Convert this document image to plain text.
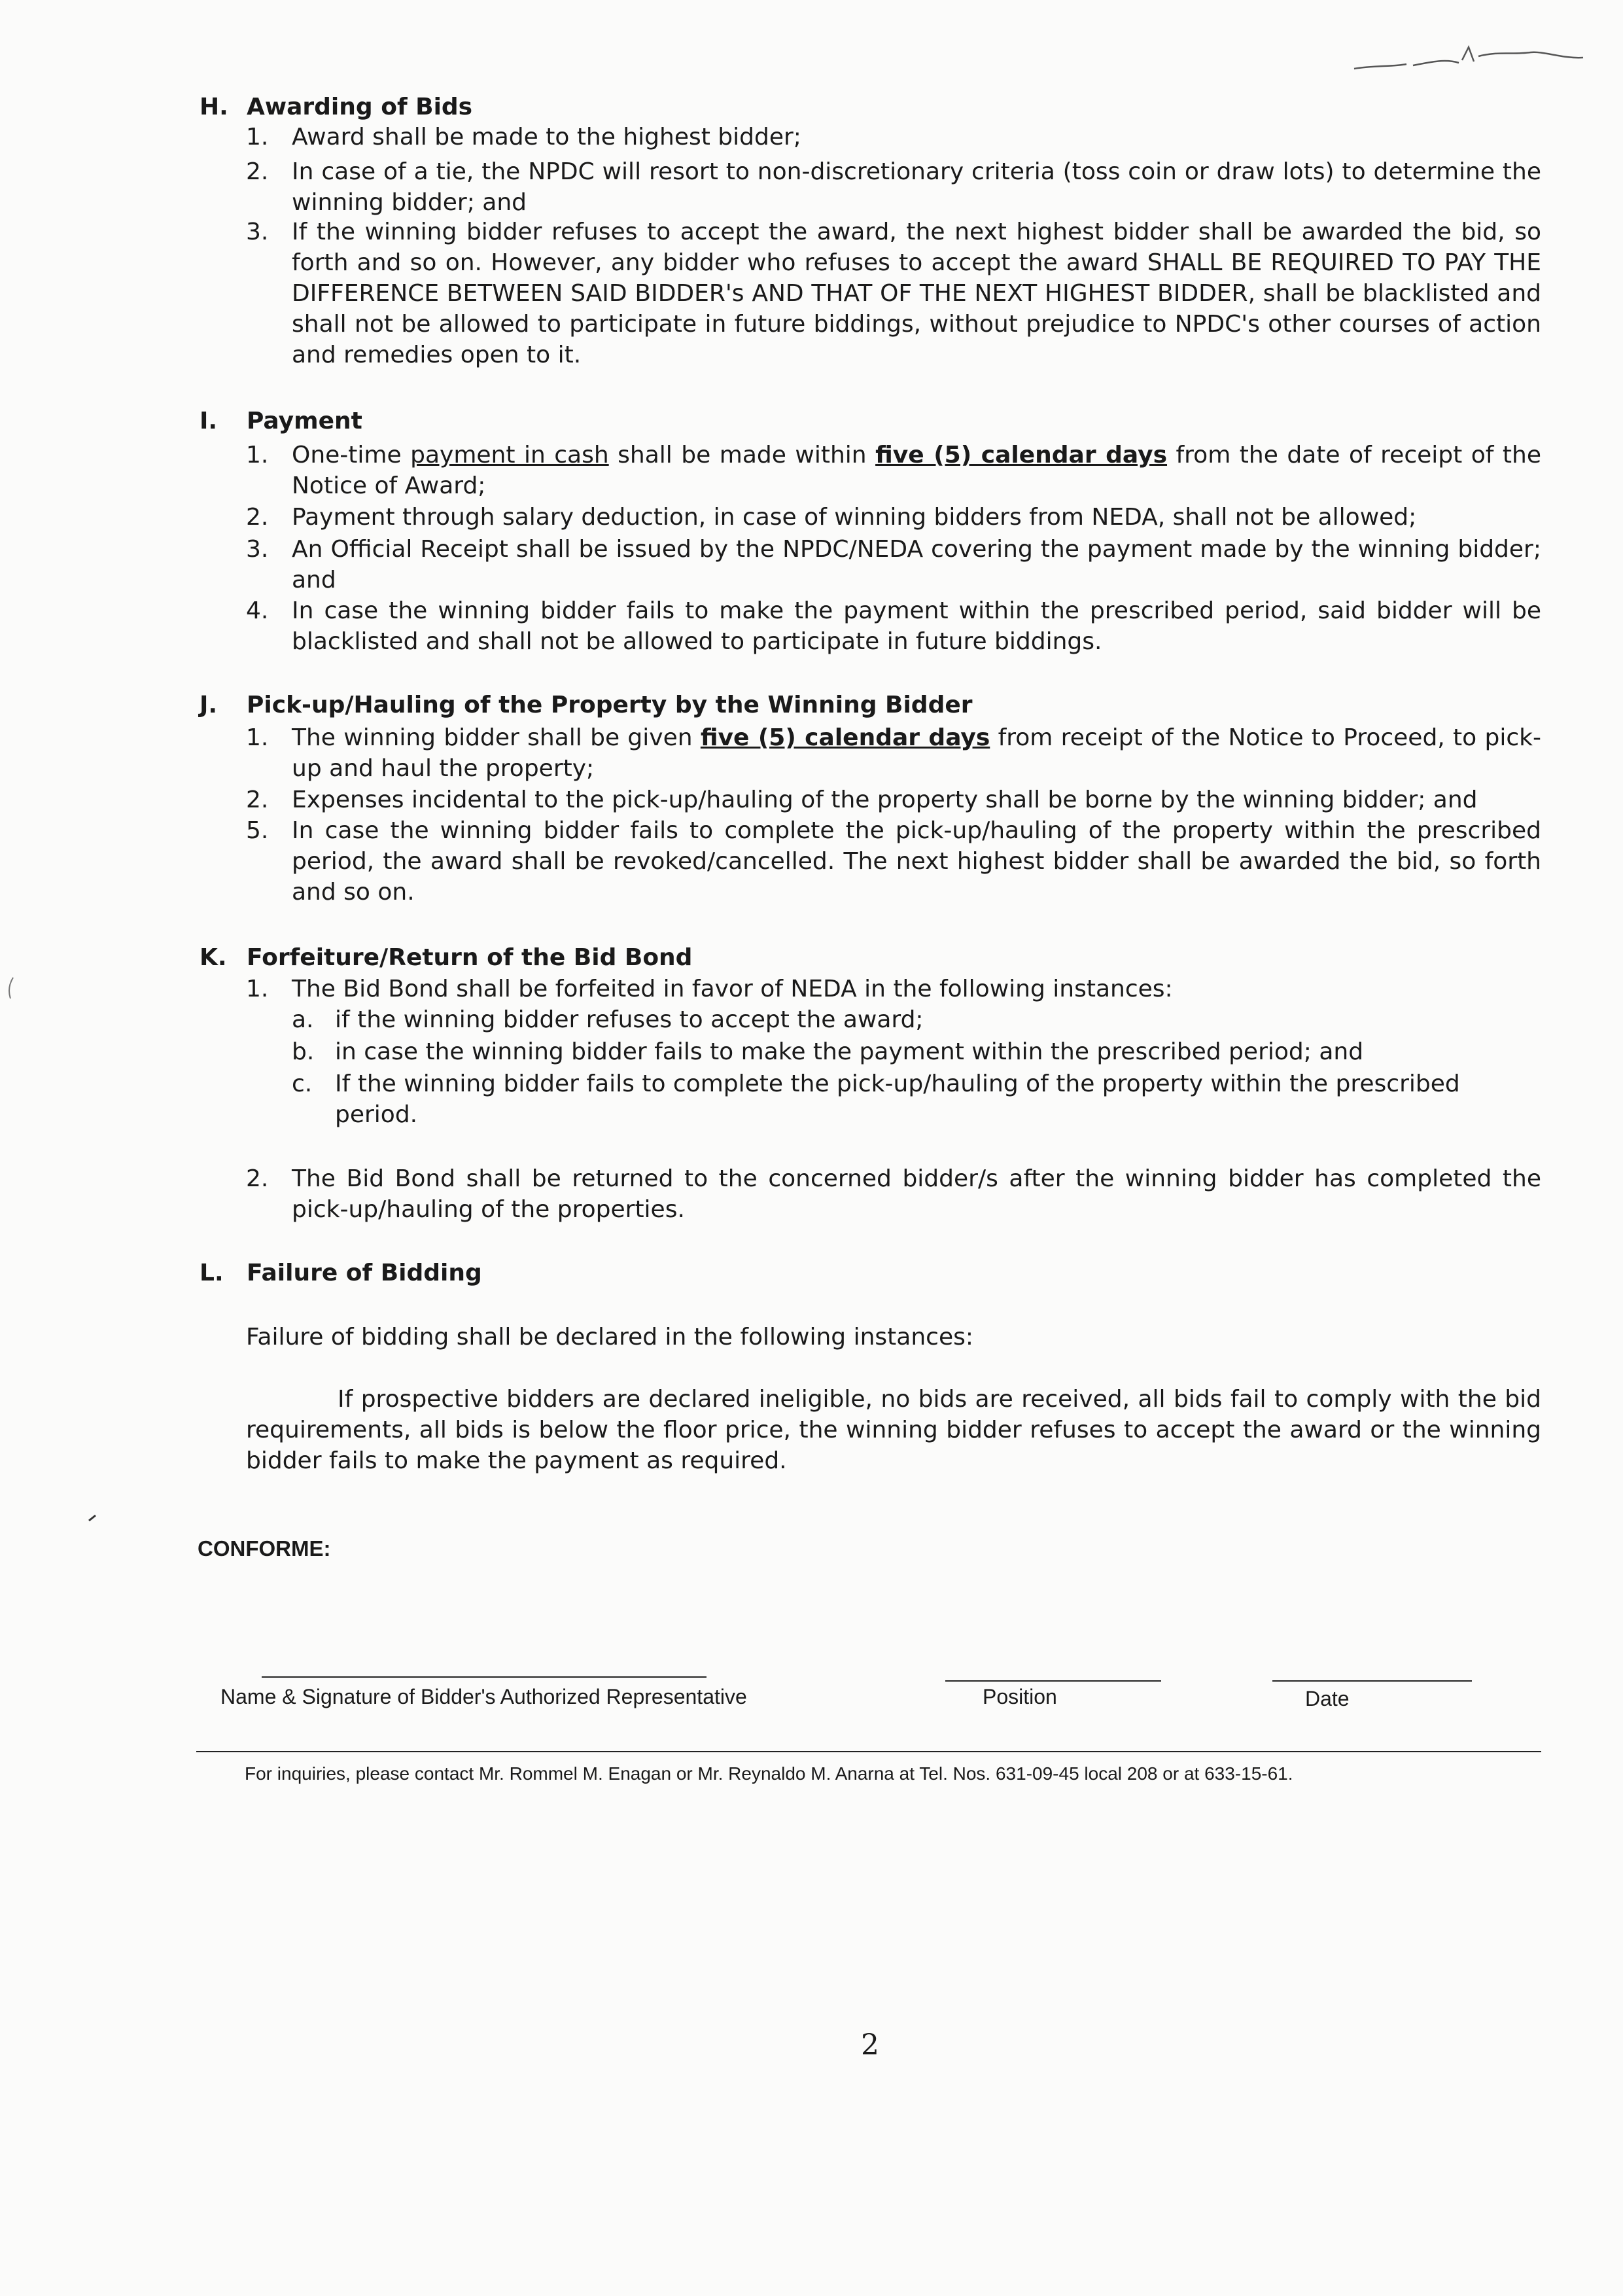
H. Awarding of Bids
1. Award shall be made to the highest bidder;
2. In case of a tie, the NPDC will resort to non-discretionary criteria (toss coin or draw lots) to determine the winning bidder; and
3. If the winning bidder refuses to accept the award, the next highest bidder shall be awarded the bid, so forth and so on. However, any bidder who refuses to accept the award SHALL BE REQUIRED TO PAY THE DIFFERENCE BETWEEN SAID BIDDER's AND THAT OF THE NEXT HIGHEST BIDDER, shall be blacklisted and shall not be allowed to participate in future biddings, without prejudice to NPDC's other courses of action and remedies open to it.
I. Payment
1. One-time payment in cash shall be made within five (5) calendar days from the date of receipt of the Notice of Award;
2. Payment through salary deduction, in case of winning bidders from NEDA, shall not be allowed;
3. An Official Receipt shall be issued by the NPDC/NEDA covering the payment made by the winning bidder; and
4. In case the winning bidder fails to make the payment within the prescribed period, said bidder will be blacklisted and shall not be allowed to participate in future biddings.
J. Pick-up/Hauling of the Property by the Winning Bidder
1. The winning bidder shall be given five (5) calendar days from receipt of the Notice to Proceed, to pick-up and haul the property;
2. Expenses incidental to the pick-up/hauling of the property shall be borne by the winning bidder; and
5. In case the winning bidder fails to complete the pick-up/hauling of the property within the prescribed period, the award shall be revoked/cancelled. The next highest bidder shall be awarded the bid, so forth and so on.
K. Forfeiture/Return of the Bid Bond
1. The Bid Bond shall be forfeited in favor of NEDA in the following instances:
a. if the winning bidder refuses to accept the award;
b. in case the winning bidder fails to make the payment within the prescribed period; and
c. If the winning bidder fails to complete the pick-up/hauling of the property within the prescribed period.
2. The Bid Bond shall be returned to the concerned bidder/s after the winning bidder has completed the pick-up/hauling of the properties.
L. Failure of Bidding
Failure of bidding shall be declared in the following instances:
If prospective bidders are declared ineligible, no bids are received, all bids fail to comply with the bid requirements, all bids is below the floor price, the winning bidder refuses to accept the award or the winning bidder fails to make the payment as required.
CONFORME:
Name & Signature of Bidder's Authorized Representative	Position	Date
For inquiries, please contact Mr. Rommel M. Enagan or Mr. Reynaldo M. Anarna at Tel. Nos. 631-09-45 local 208 or at 633-15-61.
2
